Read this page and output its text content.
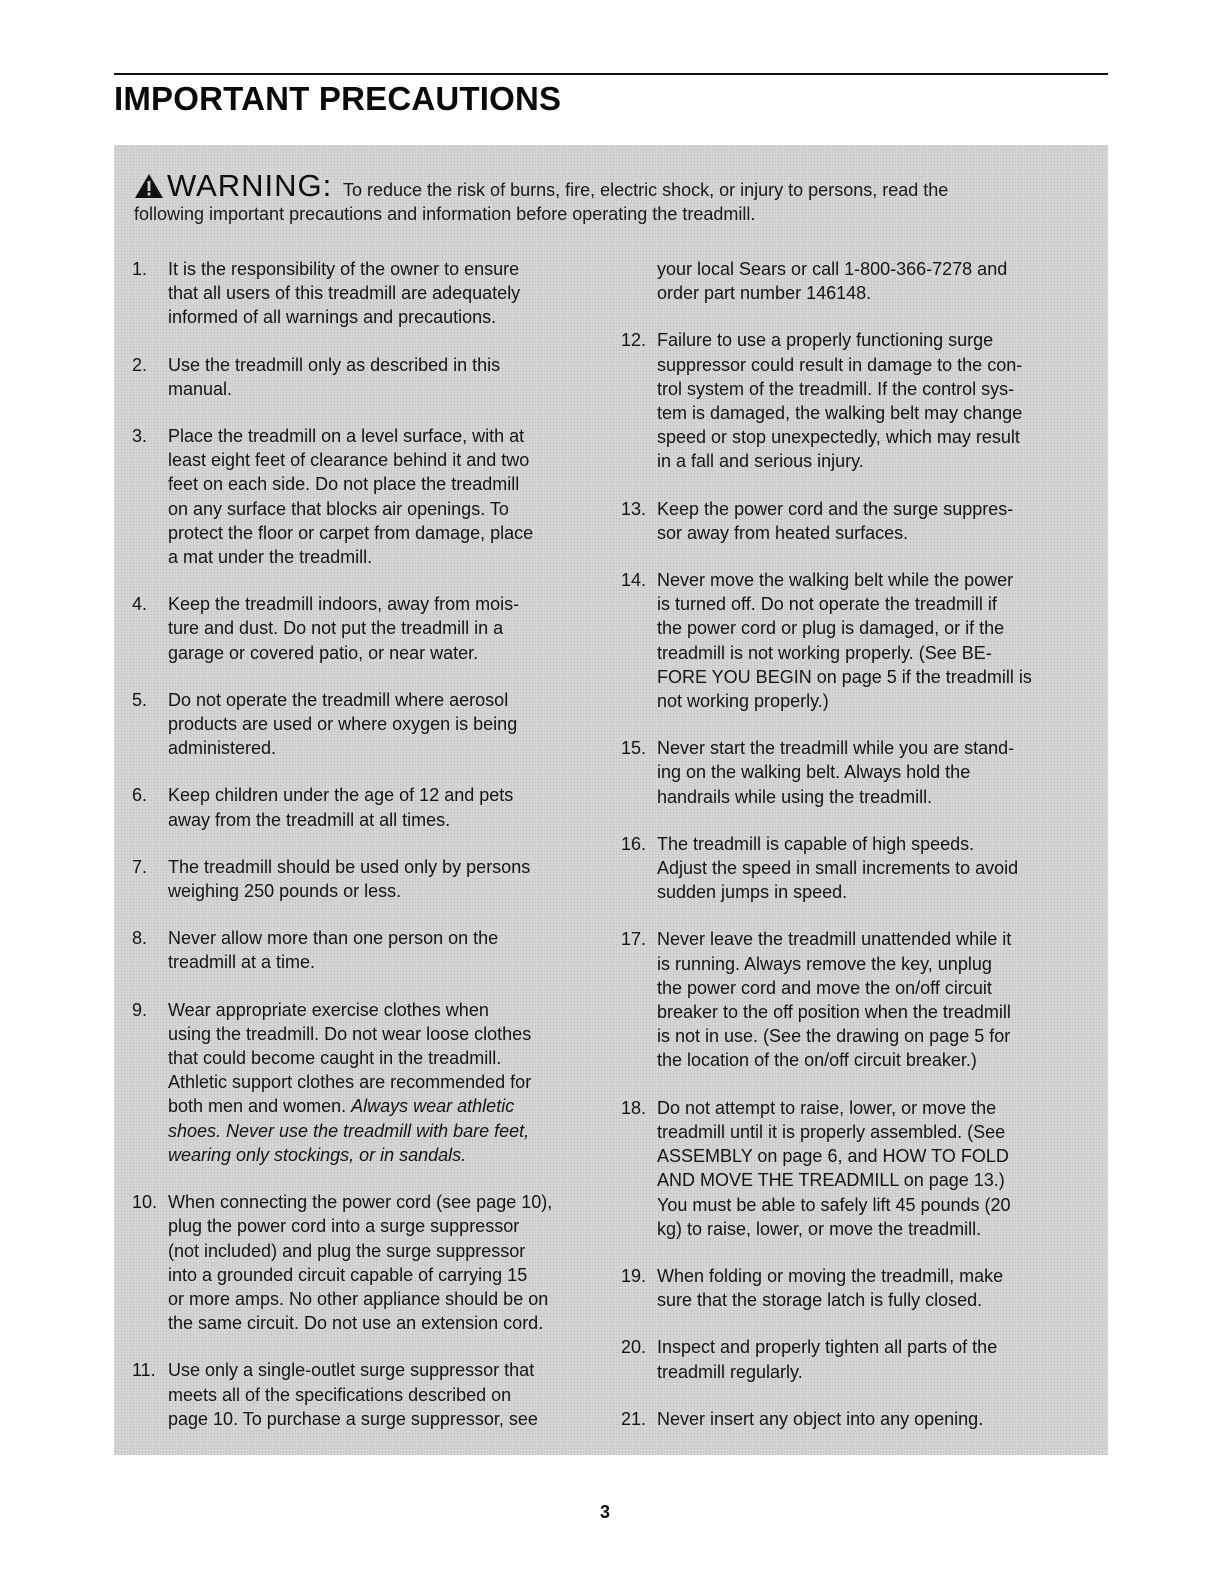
IMPORTANT PRECAUTIONS
WARNING: To reduce the risk of burns, fire, electric shock, or injury to persons, read the
following important precautions and information before operating the treadmill.
1. It is the responsibility of the owner to ensure
that all users of this treadmill are adequately
informed of all warnings and precautions.
2. Use the treadmill only as described in this
manual.
3. Place the treadmill on a level surface, with at
least eight feet of clearance behind it and two
feet on each side. Do not place the treadmill
on any surface that blocks air openings. To
protect the floor or carpet from damage, place
a mat under the treadmill.
4. Keep the treadmill indoors, away from mois-
ture and dust. Do not put the treadmill in a
garage or covered patio, or near water.
5. Do not operate the treadmill where aerosol
products are used or where oxygen is being
administered.
6. Keep children under the age of 12 and pets
away from the treadmill at all times.
7. The treadmill should be used only by persons
weighing 250 pounds or less.
8. Never allow more than one person on the
treadmill at a time.
9. Wear appropriate exercise clothes when
using the treadmill. Do not wear loose clothes
that could become caught in the treadmill.
Athletic support clothes are recommended for
both men and women. Always wear athletic
shoes. Never use the treadmill with bare feet,
wearing only stockings, or in sandals.
10. When connecting the power cord (see page 10),
plug the power cord into a surge suppressor
(not included) and plug the surge suppressor
into a grounded circuit capable of carrying 15
or more amps. No other appliance should be on
the same circuit. Do not use an extension cord.
11. Use only a single-outlet surge suppressor that
meets all of the specifications described on
page 10. To purchase a surge suppressor, see
your local Sears or call 1-800-366-7278 and
order part number 146148.
12. Failure to use a properly functioning surge
suppressor could result in damage to the con-
trol system of the treadmill. If the control sys-
tem is damaged, the walking belt may change
speed or stop unexpectedly, which may result
in a fall and serious injury.
13. Keep the power cord and the surge suppres-
sor away from heated surfaces.
14. Never move the walking belt while the power
is turned off. Do not operate the treadmill if
the power cord or plug is damaged, or if the
treadmill is not working properly. (See BE-
FORE YOU BEGIN on page 5 if the treadmill is
not working properly.)
15. Never start the treadmill while you are stand-
ing on the walking belt. Always hold the
handrails while using the treadmill.
16. The treadmill is capable of high speeds.
Adjust the speed in small increments to avoid
sudden jumps in speed.
17. Never leave the treadmill unattended while it
is running. Always remove the key, unplug
the power cord and move the on/off circuit
breaker to the off position when the treadmill
is not in use. (See the drawing on page 5 for
the location of the on/off circuit breaker.)
18. Do not attempt to raise, lower, or move the
treadmill until it is properly assembled. (See
ASSEMBLY on page 6, and HOW TO FOLD
AND MOVE THE TREADMILL on page 13.)
You must be able to safely lift 45 pounds (20
kg) to raise, lower, or move the treadmill.
19. When folding or moving the treadmill, make
sure that the storage latch is fully closed.
20. Inspect and properly tighten all parts of the
treadmill regularly.
21. Never insert any object into any opening.
3
